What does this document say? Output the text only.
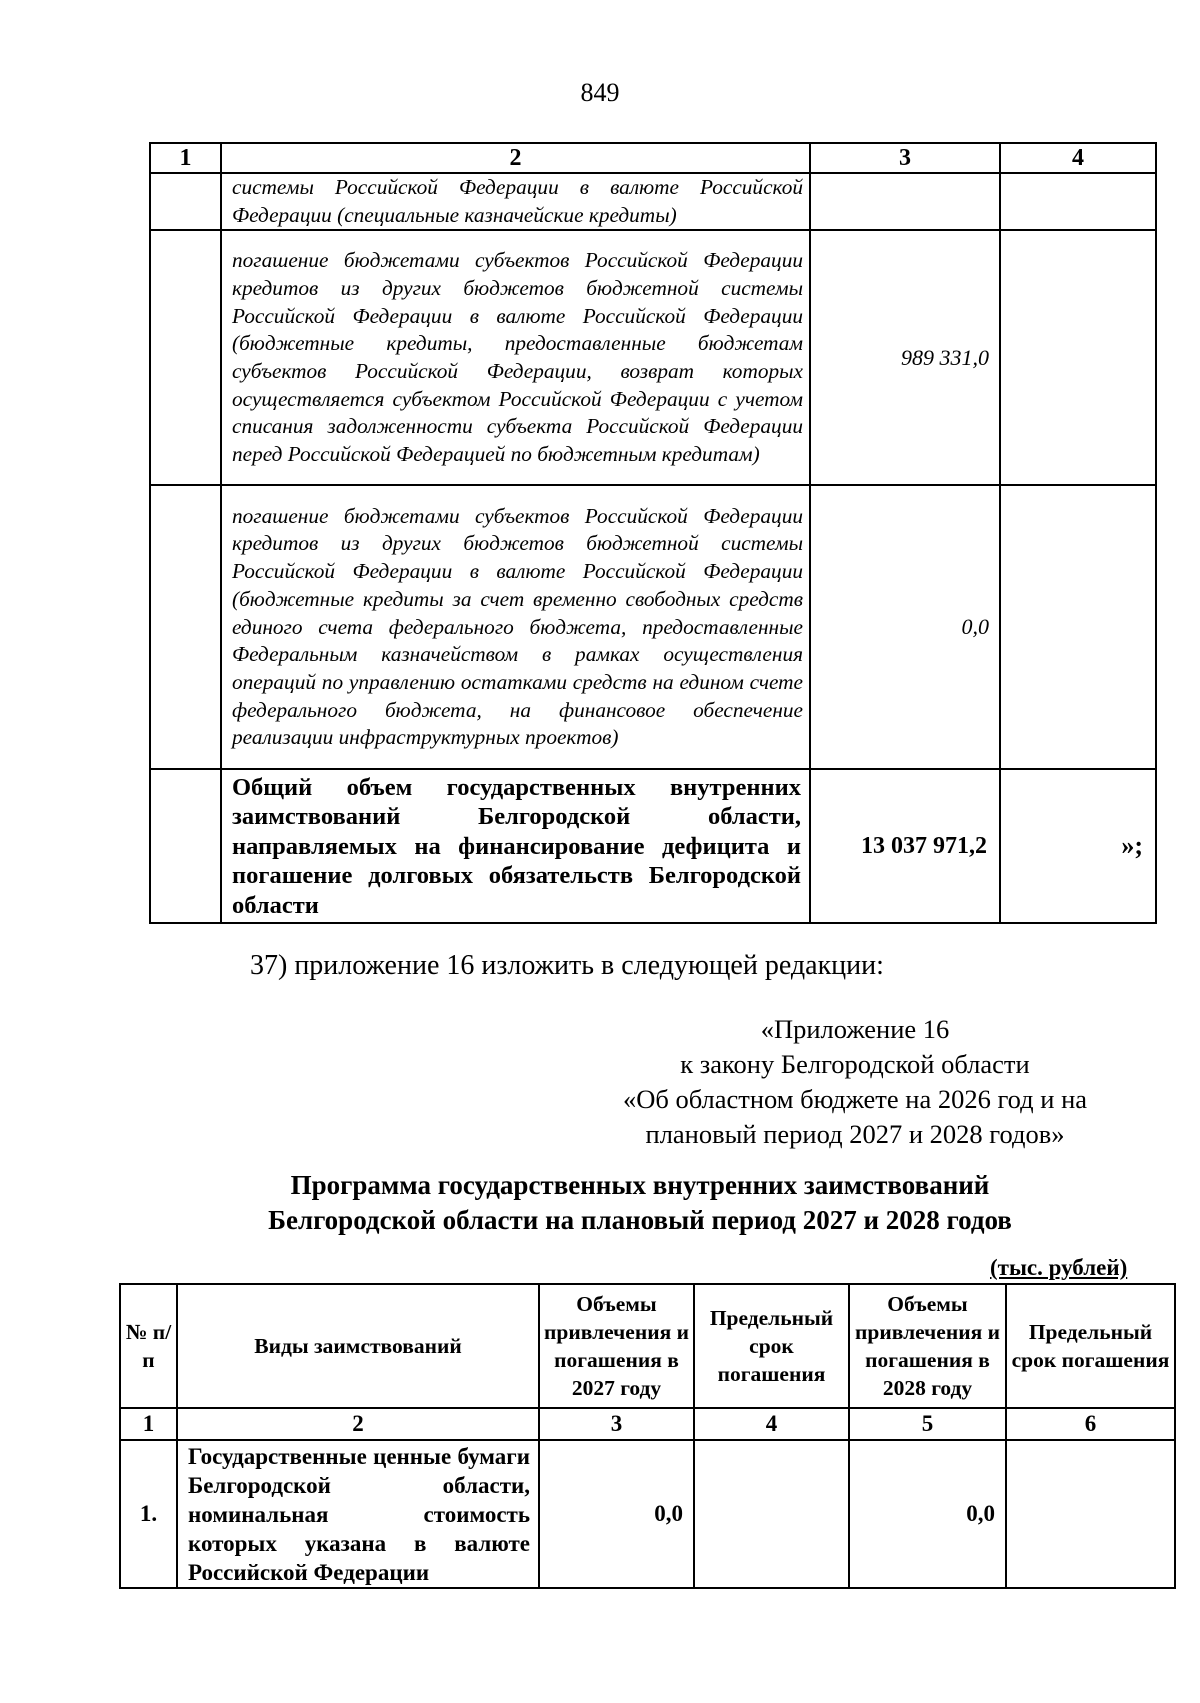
849
1	2	3	4
	системы Российской Федерации в валюте Российской Федерации (специальные казначейские кредиты)		
	погашение бюджетами субъектов Российской Федерации кредитов из других бюджетов бюджетной системы Российской Федерации в валюте Российской Федерации (бюджетные кредиты, предоставленные бюджетам субъектов Российской Федерации, возврат которых осуществляется субъектом Российской Федерации с учетом списания задолженности субъекта Российской Федерации перед Российской Федерацией по бюджетным кредитам)	989 331,0	
	погашение бюджетами субъектов Российской Федерации кредитов из других бюджетов бюджетной системы Российской Федерации в валюте Российской Федерации (бюджетные кредиты за счет временно свободных средств единого счета федерального бюджета, предоставленные Федеральным казначейством в рамках осуществления операций по управлению остатками средств на едином счете федерального бюджета, на финансовое обеспечение реализации инфраструктурных проектов)	0,0	
	Общий объем государственных внутренних заимствований Белгородской области, направляемых на финансирование дефицита и погашение долговых обязательств Белгородской области	13 037 971,2	»;
37) приложение 16 изложить в следующей редакции:
«Приложение 16
к закону Белгородской области
«Об областном бюджете на 2026 год и на
плановый период 2027 и 2028 годов»
Программа государственных внутренних заимствований
Белгородской области на плановый период 2027 и 2028 годов
(тыс. рублей)
№ п/п	Виды заимствований	Объемы привлечения и погашения в 2027 году	Предельный срок погашения	Объемы привлечения и погашения в 2028 году	Предельный срок погашения
1	2	3	4	5	6
1.	Государственные ценные бумаги Белгородской области, номинальная стоимость которых указана в валюте Российской Федерации	0,0		0,0	
